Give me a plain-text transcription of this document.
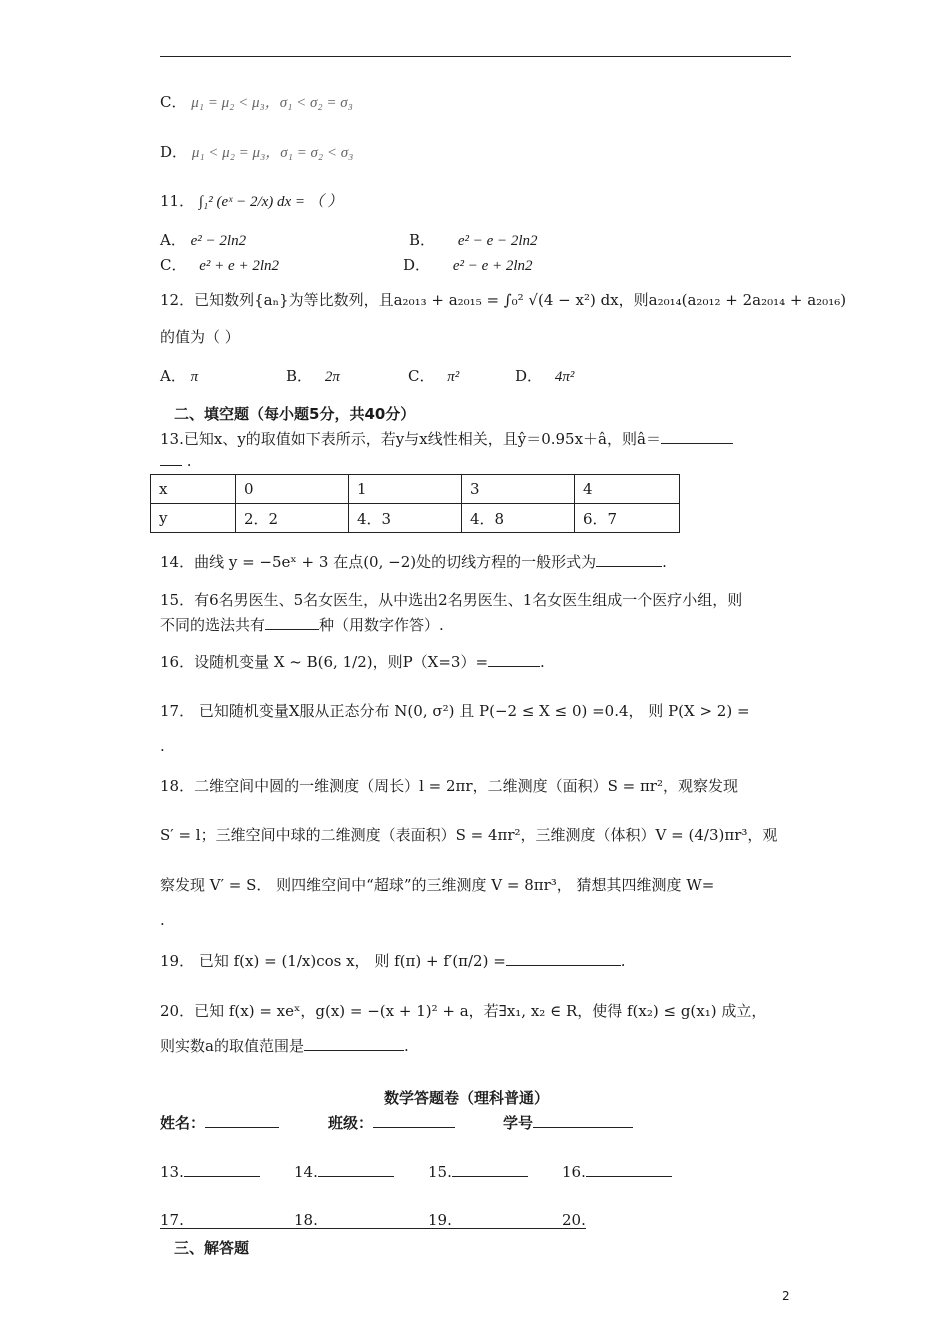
C． μ₁ = μ₂ < μ₃，σ₁ < σ₂ = σ₃
D． μ₁ < μ₂ = μ₃，σ₁ = σ₂ < σ₃
11． ∫₁² (eˣ − 2/x) dx = （ ）
A． e² − 2ln2	B． e² − e − 2ln2
C． e² + e + 2ln2	D． e² − e + 2ln2
12．已知数列{aₙ}为等比数列，且a₂₀₁₃ + a₂₀₁₅ = ∫₀² √(4 − x²) dx，则a₂₀₁₄(a₂₀₁₂ + 2a₂₀₁₄ + a₂₀₁₆)
的值为（ ）
A． π	B． 2π	C． π²	D． 4π²
二、填空题（每小题5分，共40分）
13.已知x、y的取值如下表所示，若y与x线性相关，且ŷ＝0.95x＋â，则â＝
.
x	0	1	3	4
y	2．2	4．3	4．8	6．7
14．曲线 y = −5eˣ + 3 在点(0, −2)处的切线方程的一般形式为	.
15．有6名男医生、5名女医生，从中选出2名男医生、1名女医生组成一个医疗小组，则
不同的选法共有	种（用数字作答）.
16．设随机变量 X ~ B(6, 1/2)，则P（X=3）=	.
17． 已知随机变量X服从正态分布 N(0, σ²) 且 P(−2 ≤ X ≤ 0) =0.4， 则 P(X > 2) =
.
18．二维空间中圆的一维测度（周长）l = 2πr，二维测度（面积）S = πr²，观察发现
S′ = l；三维空间中球的二维测度（表面积）S = 4πr²，三维测度（体积）V = (4/3)πr³，观
察发现 V′ = S． 则四维空间中“超球”的三维测度 V = 8πr³， 猜想其四维测度 W=
.
19． 已知 f(x) = (1/x)cos x， 则 f(π) + f′(π/2) =	.
20．已知 f(x) = xeˣ，g(x) = −(x + 1)² + a，若∃x₁, x₂ ∈ R，使得 f(x₂) ≤ g(x₁) 成立，
则实数a的取值范围是	.
数学答题卷（理科普通）
姓名：	班级：	学号
13.	14.	15.	16.
17.	18.	19.	20.
三、解答题
2
